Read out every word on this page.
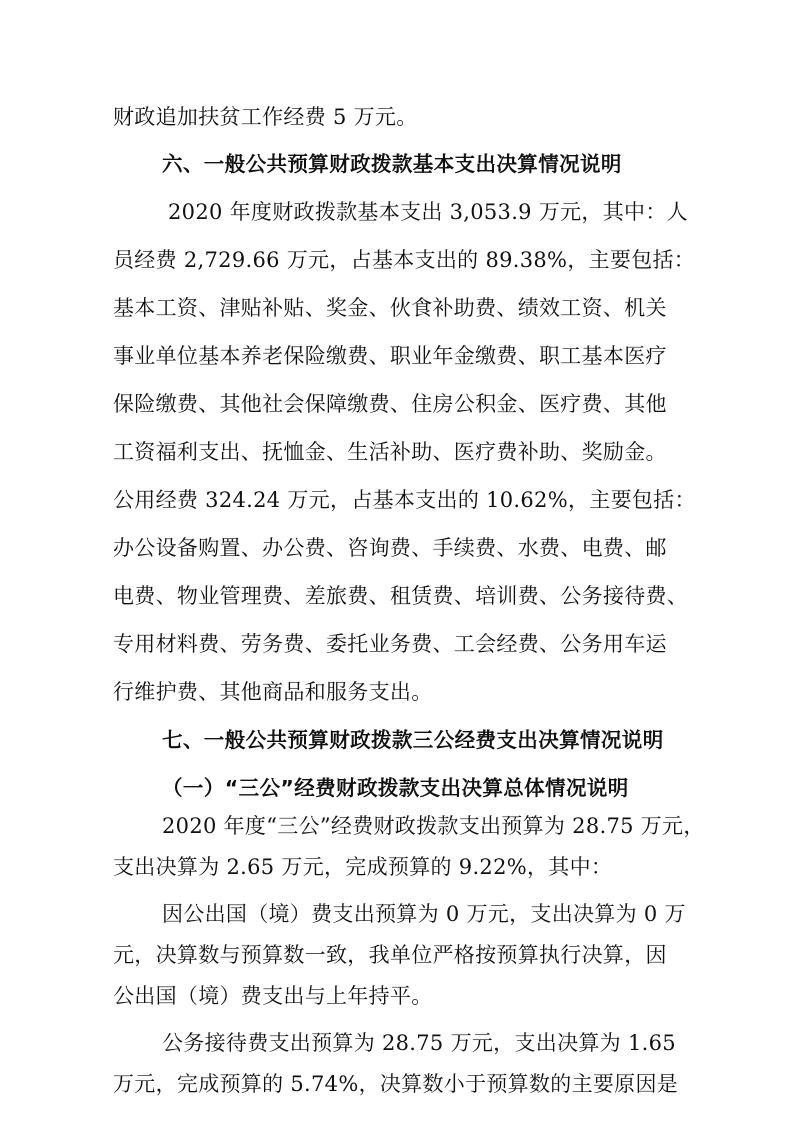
财政追加扶贫工作经费 5 万元。
六、一般公共预算财政拨款基本支出决算情况说明
2020 年度财政拨款基本支出 3,053.9 万元，其中：人
员经费 2,729.66 万元，占基本支出的 89.38%，主要包括：
基本工资、津贴补贴、奖金、伙食补助费、绩效工资、机关
事业单位基本养老保险缴费、职业年金缴费、职工基本医疗
保险缴费、其他社会保障缴费、住房公积金、医疗费、其他
工资福利支出、抚恤金、生活补助、医疗费补助、奖励金。
公用经费 324.24 万元，占基本支出的 10.62%，主要包括：
办公设备购置、办公费、咨询费、手续费、水费、电费、邮
电费、物业管理费、差旅费、租赁费、培训费、公务接待费、
专用材料费、劳务费、委托业务费、工会经费、公务用车运
行维护费、其他商品和服务支出。
七、一般公共预算财政拨款三公经费支出决算情况说明
（一）“三公”经费财政拨款支出决算总体情况说明
2020 年度“三公”经费财政拨款支出预算为 28.75 万元，
支出决算为 2.65 万元，完成预算的 9.22%，其中：
因公出国（境）费支出预算为 0 万元，支出决算为 0 万
元，决算数与预算数一致，我单位严格按预算执行决算，因
公出国（境）费支出与上年持平。
公务接待费支出预算为 28.75 万元，支出决算为 1.65
万元，完成预算的 5.74%，决算数小于预算数的主要原因是
